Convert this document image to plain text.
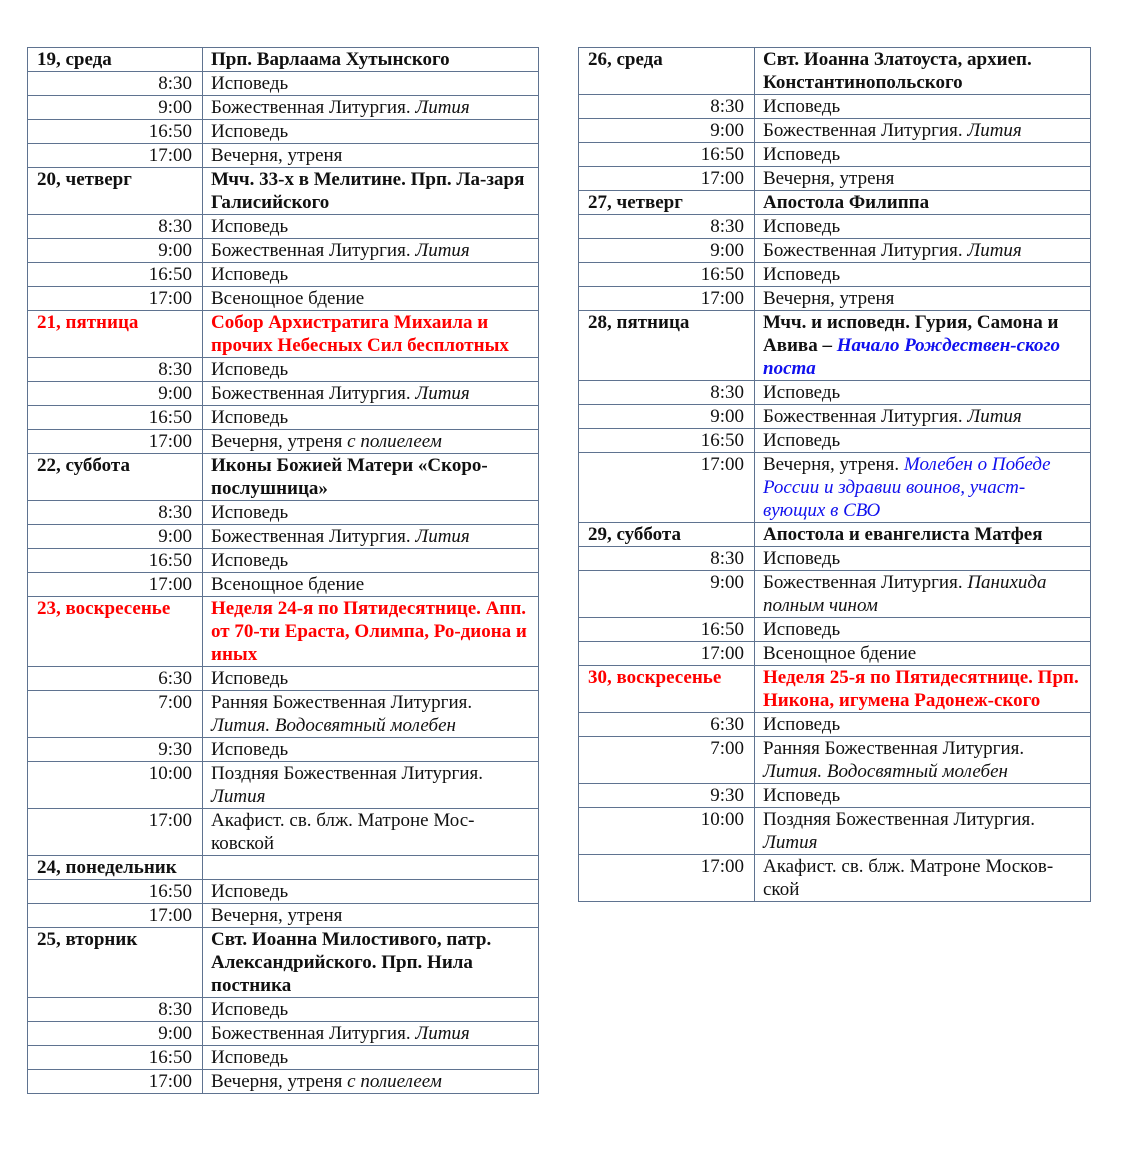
19, среда	Прп. Варлаама Хутынского
8:30	Исповедь
9:00	Божественная Литургия. Лития
16:50	Исповедь
17:00	Вечерня, утреня
20, четверг	Мчч. 33-х в Мелитине. Прп. Ла-заря Галисийского
8:30	Исповедь
9:00	Божественная Литургия. Лития
16:50	Исповедь
17:00	Всенощное бдение
21, пятница	Собор Архистратига Михаила и прочих Небесных Сил бесплотных
8:30	Исповедь
9:00	Божественная Литургия. Лития
16:50	Исповедь
17:00	Вечерня, утреня с полиелеем
22, суббота	Иконы Божией Матери «Скоро-послушница»
8:30	Исповедь
9:00	Божественная Литургия. Лития
16:50	Исповедь
17:00	Всенощное бдение
23, воскресенье	Неделя 24-я по Пятидесятнице. Апп. от 70-ти Ераста, Олимпа, Ро-диона и иных
6:30	Исповедь
7:00	Ранняя Божественная Литургия. Лития. Водосвятный молебен
9:30	Исповедь
10:00	Поздняя Божественная Литургия. Лития
17:00	Акафист. св. блж. Матроне Мос-ковской
24, понедельник	
16:50	Исповедь
17:00	Вечерня, утреня
25, вторник	Свт. Иоанна Милостивого, патр. Александрийского. Прп. Нила постника
8:30	Исповедь
9:00	Божественная Литургия. Лития
16:50	Исповедь
17:00	Вечерня, утреня с полиелеем
26, среда	Свт. Иоанна Златоуста, архиеп. Константинопольского
8:30	Исповедь
9:00	Божественная Литургия. Лития
16:50	Исповедь
17:00	Вечерня, утреня
27, четверг	Апостола Филиппа
8:30	Исповедь
9:00	Божественная Литургия. Лития
16:50	Исповедь
17:00	Вечерня, утреня
28, пятница	Мчч. и исповедн. Гурия, Самона и Авива – Начало Рождествен-ского поста
8:30	Исповедь
9:00	Божественная Литургия. Лития
16:50	Исповедь
17:00	Вечерня, утреня. Молебен о Победе России и здравии воинов, участ-вующих в СВО
29, суббота	Апостола и евангелиста Матфея
8:30	Исповедь
9:00	Божественная Литургия. Панихида полным чином
16:50	Исповедь
17:00	Всенощное бдение
30, воскресенье	Неделя 25-я по Пятидесятнице. Прп. Никона, игумена Радонеж-ского
6:30	Исповедь
7:00	Ранняя Божественная Литургия. Лития. Водосвятный молебен
9:30	Исповедь
10:00	Поздняя Божественная Литургия. Лития
17:00	Акафист. св. блж. Матроне Москов-ской
